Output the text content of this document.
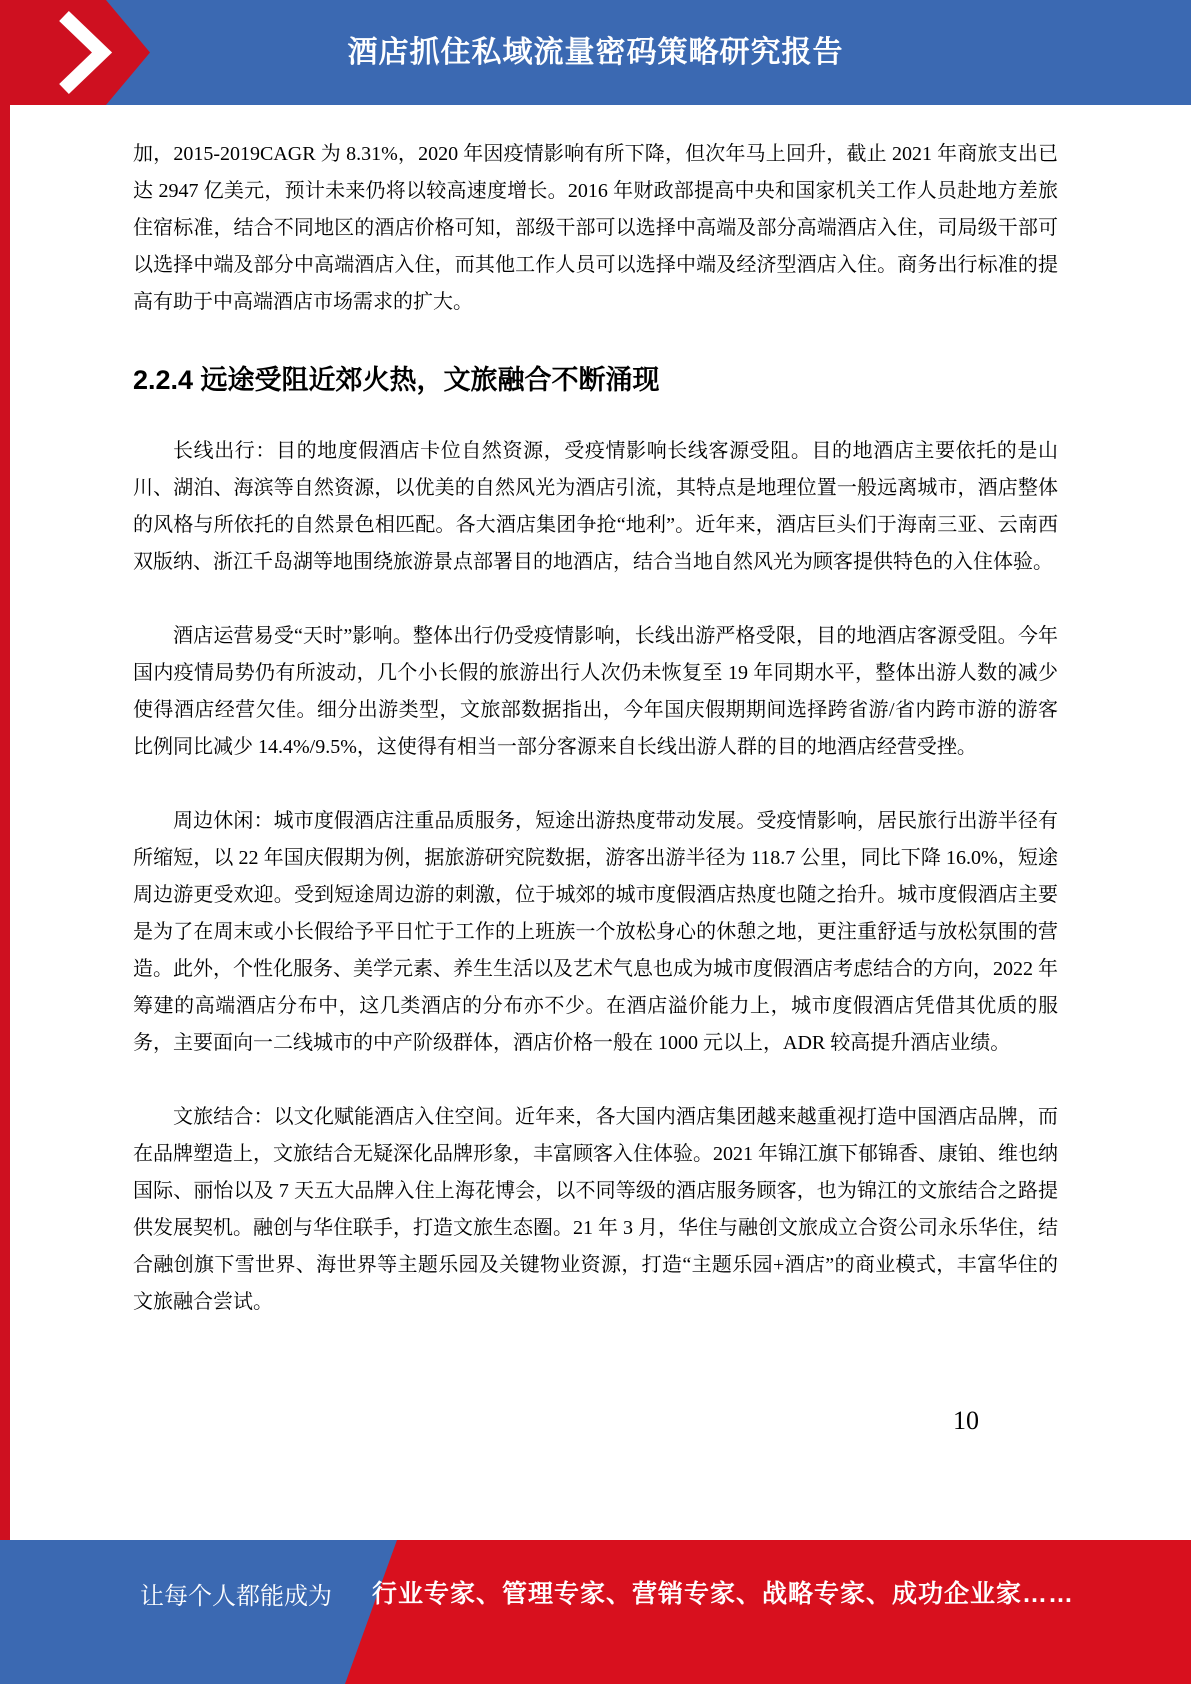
酒店抓住私域流量密码策略研究报告

加，2015-2019CAGR 为 8.31%，2020 年因疫情影响有所下降，但次年马上回升，截止 2021 年商旅支出已达 2947 亿美元，预计未来仍将以较高速度增长。2016 年财政部提高中央和国家机关工作人员赴地方差旅住宿标准，结合不同地区的酒店价格可知，部级干部可以选择中高端及部分高端酒店入住，司局级干部可以选择中端及部分中高端酒店入住，而其他工作人员可以选择中端及经济型酒店入住。商务出行标准的提高有助于中高端酒店市场需求的扩大。

2.2.4 远途受阻近郊火热，文旅融合不断涌现

长线出行：目的地度假酒店卡位自然资源，受疫情影响长线客源受阻。目的地酒店主要依托的是山川、湖泊、海滨等自然资源，以优美的自然风光为酒店引流，其特点是地理位置一般远离城市，酒店整体的风格与所依托的自然景色相匹配。各大酒店集团争抢“地利”。近年来，酒店巨头们于海南三亚、云南西双版纳、浙江千岛湖等地围绕旅游景点部署目的地酒店，结合当地自然风光为顾客提供特色的入住体验。

酒店运营易受“天时”影响。整体出行仍受疫情影响，长线出游严格受限，目的地酒店客源受阻。今年国内疫情局势仍有所波动，几个小长假的旅游出行人次仍未恢复至 19 年同期水平，整体出游人数的减少使得酒店经营欠佳。细分出游类型，文旅部数据指出，今年国庆假期期间选择跨省游/省内跨市游的游客比例同比减少 14.4%/9.5%，这使得有相当一部分客源来自长线出游人群的目的地酒店经营受挫。

周边休闲：城市度假酒店注重品质服务，短途出游热度带动发展。受疫情影响，居民旅行出游半径有所缩短，以 22 年国庆假期为例，据旅游研究院数据，游客出游半径为 118.7 公里，同比下降 16.0%，短途周边游更受欢迎。受到短途周边游的刺激，位于城郊的城市度假酒店热度也随之抬升。城市度假酒店主要是为了在周末或小长假给予平日忙于工作的上班族一个放松身心的休憩之地，更注重舒适与放松氛围的营造。此外，个性化服务、美学元素、养生生活以及艺术气息也成为城市度假酒店考虑结合的方向，2022 年筹建的高端酒店分布中，这几类酒店的分布亦不少。在酒店溢价能力上，城市度假酒店凭借其优质的服务，主要面向一二线城市的中产阶级群体，酒店价格一般在 1000 元以上，ADR 较高提升酒店业绩。

文旅结合：以文化赋能酒店入住空间。近年来，各大国内酒店集团越来越重视打造中国酒店品牌，而在品牌塑造上，文旅结合无疑深化品牌形象，丰富顾客入住体验。2021 年锦江旗下郁锦香、康铂、维也纳国际、丽怡以及 7 天五大品牌入住上海花博会，以不同等级的酒店服务顾客，也为锦江的文旅结合之路提供发展契机。融创与华住联手，打造文旅生态圈。21 年 3 月，华住与融创文旅成立合资公司永乐华住，结合融创旗下雪世界、海世界等主题乐园及关键物业资源，打造“主题乐园+酒店”的商业模式，丰富华住的文旅融合尝试。

10
让每个人都能成为 行业专家、管理专家、营销专家、战略专家、成功企业家……
